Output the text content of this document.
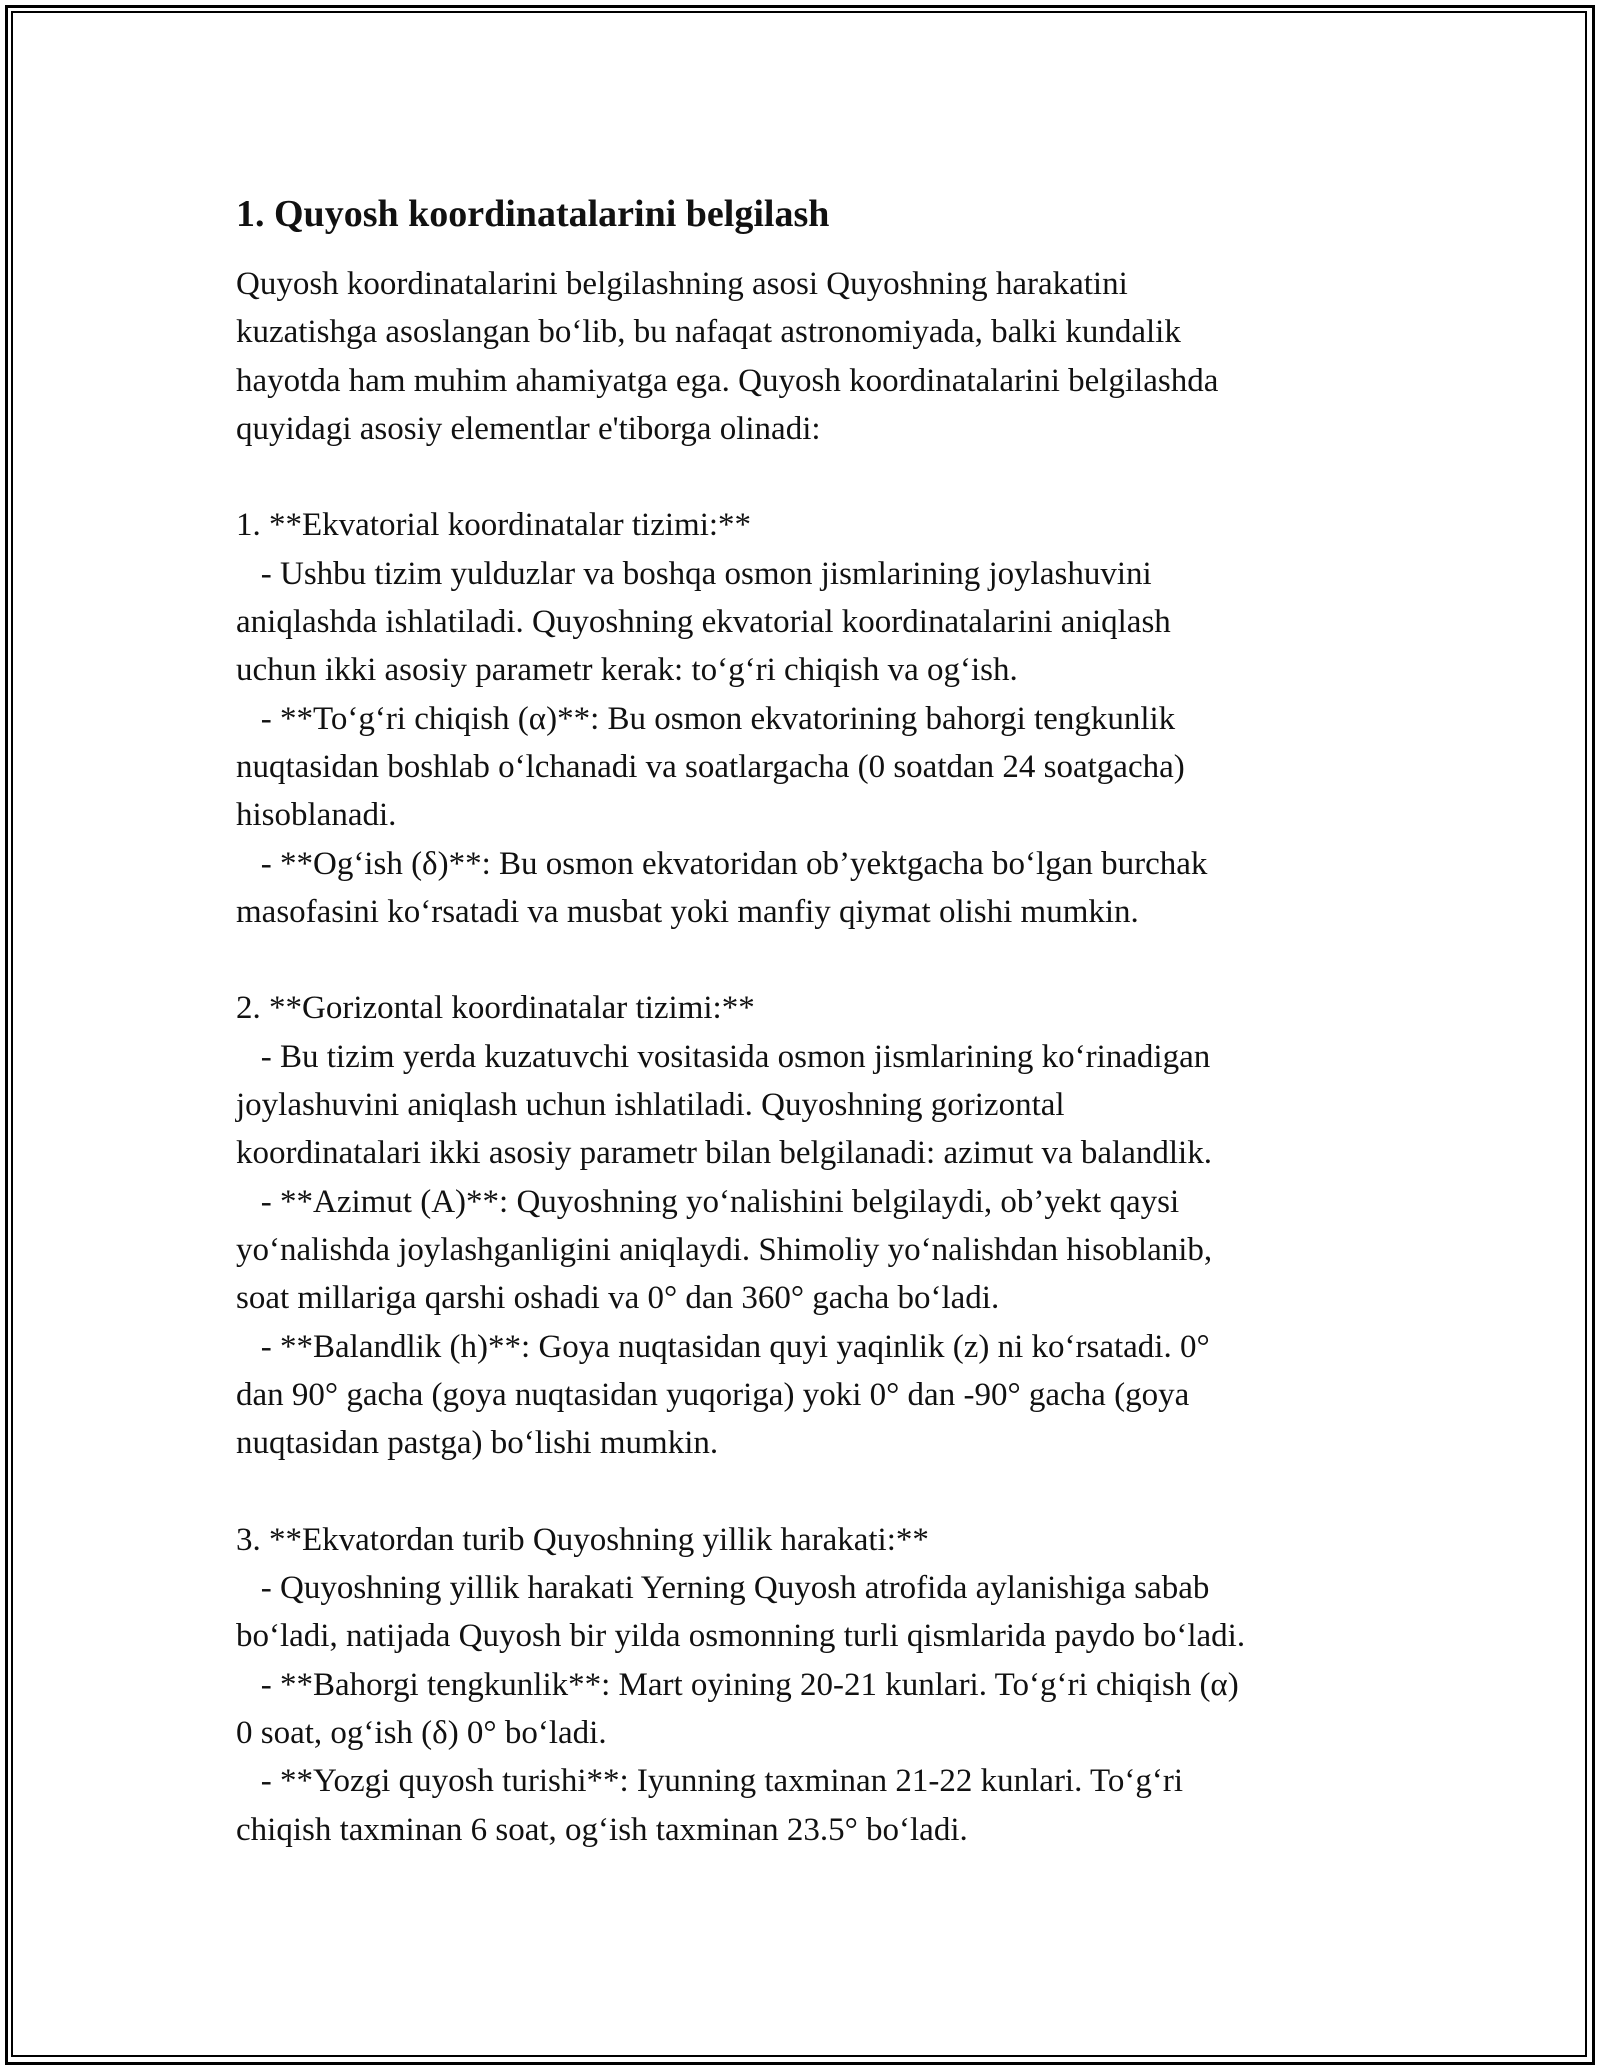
1. Quyosh koordinatalarini belgilash

Quyosh koordinatalarini belgilashning asosi Quyoshning harakatini
kuzatishga asoslangan bo‘lib, bu nafaqat astronomiyada, balki kundalik
hayotda ham muhim ahamiyatga ega. Quyosh koordinatalarini belgilashda
quyidagi asosiy elementlar e'tiborga olinadi:

1. **Ekvatorial koordinatalar tizimi:**
- Ushbu tizim yulduzlar va boshqa osmon jismlarining joylashuvini
aniqlashda ishlatiladi. Quyoshning ekvatorial koordinatalarini aniqlash
uchun ikki asosiy parametr kerak: to‘g‘ri chiqish va og‘ish.
- **To‘g‘ri chiqish (α)**: Bu osmon ekvatorining bahorgi tengkunlik
nuqtasidan boshlab o‘lchanadi va soatlargacha (0 soatdan 24 soatgacha)
hisoblanadi.
- **Og‘ish (δ)**: Bu osmon ekvatoridan ob’yektgacha bo‘lgan burchak
masofasini ko‘rsatadi va musbat yoki manfiy qiymat olishi mumkin.

2. **Gorizontal koordinatalar tizimi:**
- Bu tizim yerda kuzatuvchi vositasida osmon jismlarining ko‘rinadigan
joylashuvini aniqlash uchun ishlatiladi. Quyoshning gorizontal
koordinatalari ikki asosiy parametr bilan belgilanadi: azimut va balandlik.
- **Azimut (A)**: Quyoshning yo‘nalishini belgilaydi, ob’yekt qaysi
yo‘nalishda joylashganligini aniqlaydi. Shimoliy yo‘nalishdan hisoblanib,
soat millariga qarshi oshadi va 0° dan 360° gacha bo‘ladi.
- **Balandlik (h)**: Goya nuqtasidan quyi yaqinlik (z) ni ko‘rsatadi. 0°
dan 90° gacha (goya nuqtasidan yuqoriga) yoki 0° dan -90° gacha (goya
nuqtasidan pastga) bo‘lishi mumkin.

3. **Ekvatordan turib Quyoshning yillik harakati:**
- Quyoshning yillik harakati Yerning Quyosh atrofida aylanishiga sabab
bo‘ladi, natijada Quyosh bir yilda osmonning turli qismlarida paydo bo‘ladi.
- **Bahorgi tengkunlik**: Mart oyining 20-21 kunlari. To‘g‘ri chiqish (α)
0 soat, og‘ish (δ) 0° bo‘ladi.
- **Yozgi quyosh turishi**: Iyunning taxminan 21-22 kunlari. To‘g‘ri
chiqish taxminan 6 soat, og‘ish taxminan 23.5° bo‘ladi.
